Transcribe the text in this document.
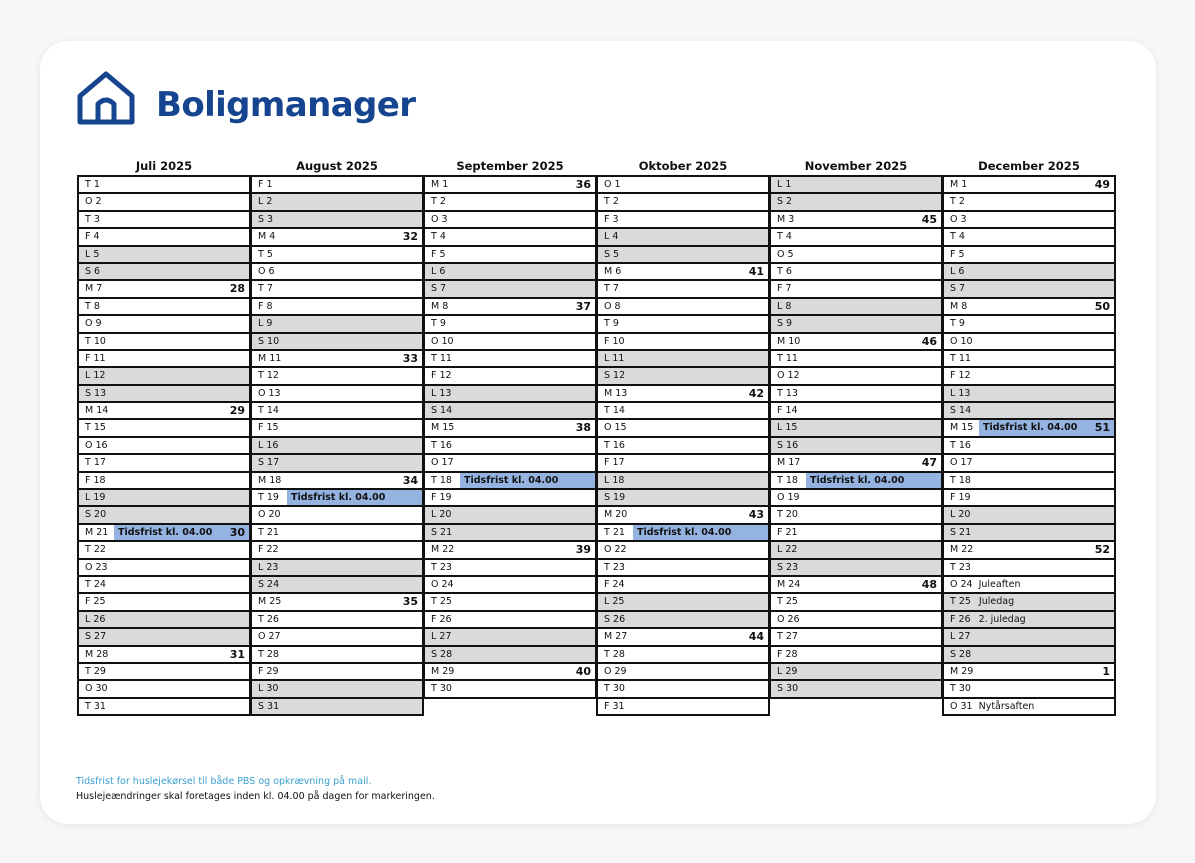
Boligmanager
Juli 2025
T 1
O 2
T 3
F 4
L 5
S 6
M 7	28
T 8
O 9
T 10
F 11
L 12
S 13
M 14	29
T 15
O 16
T 17
F 18
L 19
S 20
M 21	Tidsfrist kl. 04.00	30
T 22
O 23
T 24
F 25
L 26
S 27
M 28	31
T 29
O 30
T 31
August 2025
F 1
L 2
S 3
M 4	32
T 5
O 6
T 7
F 8
L 9
S 10
M 11	33
T 12
O 13
T 14
F 15
L 16
S 17
M 18	34
T 19	Tidsfrist kl. 04.00
O 20
T 21
F 22
L 23
S 24
M 25	35
T 26
O 27
T 28
F 29
L 30
S 31
September 2025
M 1	36
T 2
O 3
T 4
F 5
L 6
S 7
M 8	37
T 9
O 10
T 11
F 12
L 13
S 14
M 15	38
T 16
O 17
T 18	Tidsfrist kl. 04.00
F 19
L 20
S 21
M 22	39
T 23
O 24
T 25
F 26
L 27
S 28
M 29	40
T 30
Oktober 2025
O 1
T 2
F 3
L 4
S 5
M 6	41
T 7
O 8
T 9
F 10
L 11
S 12
M 13	42
T 14
O 15
T 16
F 17
L 18
S 19
M 20	43
T 21	Tidsfrist kl. 04.00
O 22
T 23
F 24
L 25
S 26
M 27	44
T 28
O 29
T 30
F 31
November 2025
L 1
S 2
M 3	45
T 4
O 5
T 6
F 7
L 8
S 9
M 10	46
T 11
O 12
T 13
F 14
L 15
S 16
M 17	47
T 18	Tidsfrist kl. 04.00
O 19
T 20
F 21
L 22
S 23
M 24	48
T 25
O 26
T 27
F 28
L 29
S 30
December 2025
M 1	49
T 2
O 3
T 4
F 5
L 6
S 7
M 8	50
T 9
O 10
T 11
F 12
L 13
S 14
M 15	Tidsfrist kl. 04.00	51
T 16
O 17
T 18
F 19
L 20
S 21
M 22	52
T 23
O 24 Juleaften
T 25 Juledag
F 26 2. juledag
L 27
S 28
M 29	1
T 30
O 31 Nytårsaften
Tidsfrist for huslejekørsel til både PBS og opkrævning på mail.
Huslejeændringer skal foretages inden kl. 04.00 på dagen for markeringen.
